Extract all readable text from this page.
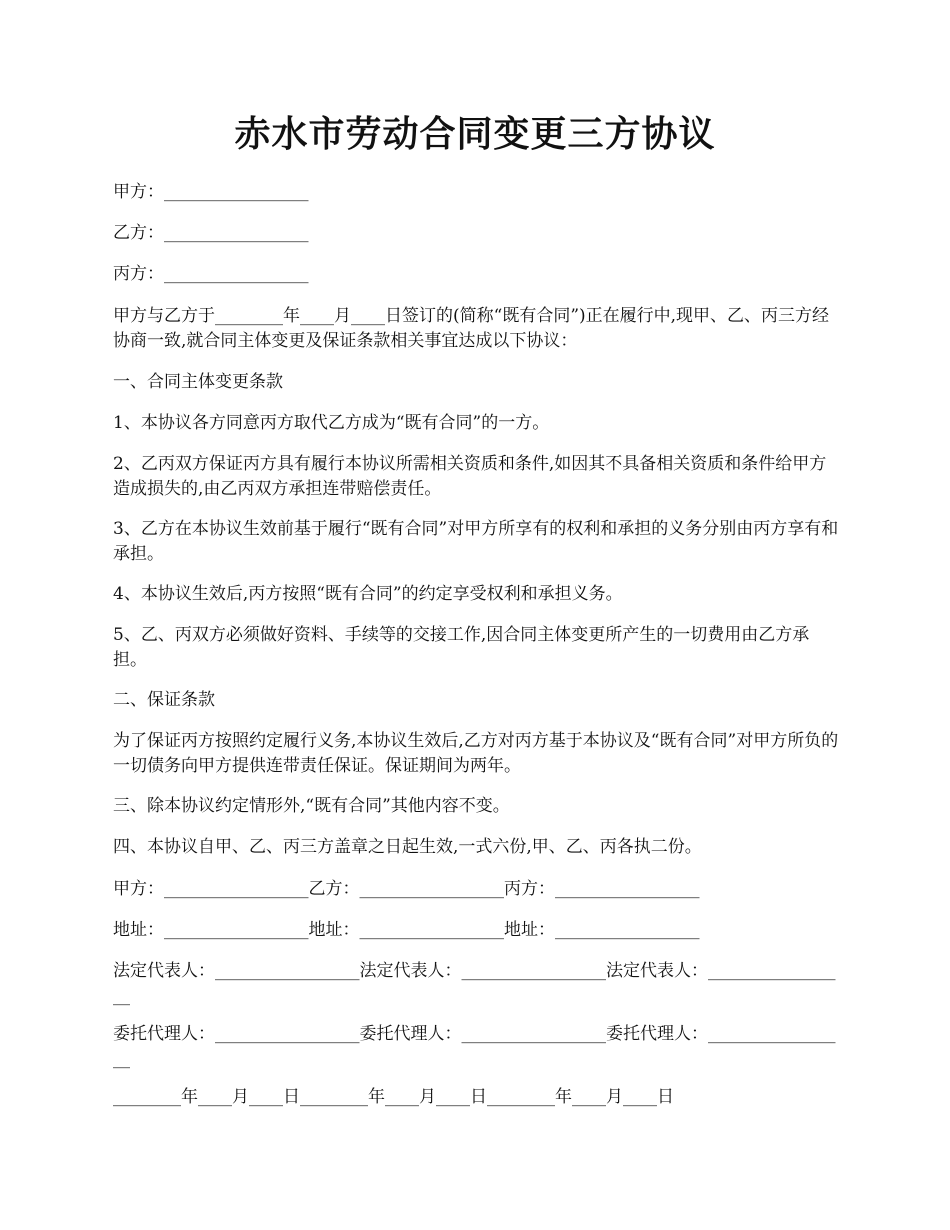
赤水市劳动合同变更三方协议

甲方：_________________

乙方：_________________

丙方：_________________

甲方与乙方于________年____月____日签订的(简称“既有合同”)正在履行中,现甲、乙、丙三方经协商一致,就合同主体变更及保证条款相关事宜达成以下协议：

一、合同主体变更条款

1、本协议各方同意丙方取代乙方成为“既有合同”的一方。

2、乙丙双方保证丙方具有履行本协议所需相关资质和条件,如因其不具备相关资质和条件给甲方造成损失的,由乙丙双方承担连带赔偿责任。

3、乙方在本协议生效前基于履行“既有合同”对甲方所享有的权利和承担的义务分别由丙方享有和承担。

4、本协议生效后,丙方按照“既有合同”的约定享受权利和承担义务。

5、乙、丙双方必须做好资料、手续等的交接工作,因合同主体变更所产生的一切费用由乙方承担。

二、保证条款

为了保证丙方按照约定履行义务,本协议生效后,乙方对丙方基于本协议及“既有合同”对甲方所负的一切债务向甲方提供连带责任保证。保证期间为两年。

三、除本协议约定情形外,“既有合同”其他内容不变。

四、本协议自甲、乙、丙三方盖章之日起生效,一式六份,甲、乙、丙各执二份。

甲方：_________________乙方：_________________丙方：_________________

地址：_________________地址：_________________地址：_________________

法定代表人：_________________法定代表人：_________________法定代表人：_________________

委托代理人：_________________委托代理人：_________________委托代理人：_________________

________年____月____日________年____月____日________年____月____日
